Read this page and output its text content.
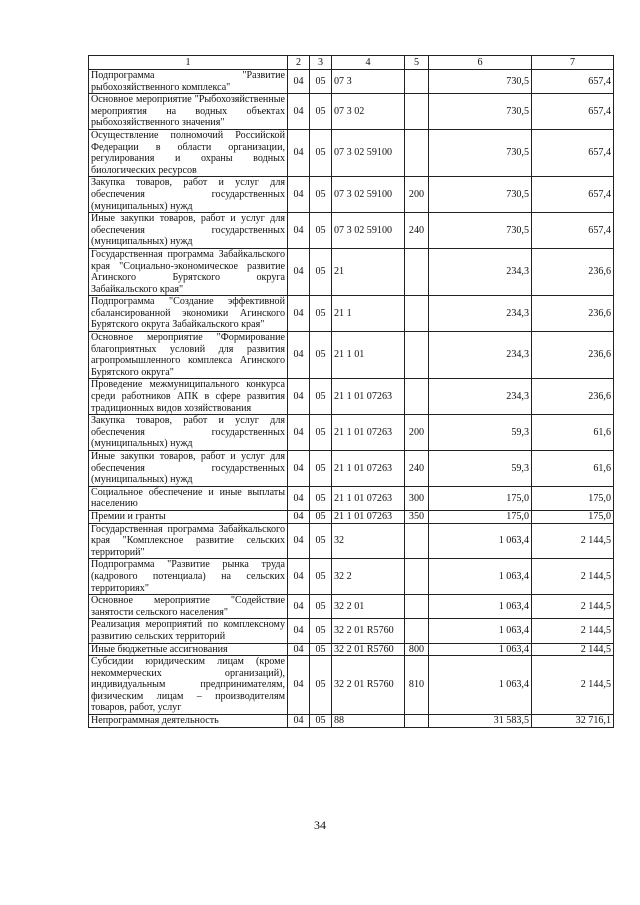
1	2	3	4	5	6	7
Подпрограмма "Развитие рыбохозяйственного комплекса"	04	05	07 3		730,5	657,4
Основное мероприятие "Рыбохозяйственные мероприятия на водных объектах рыбохозяйственного значения"	04	05	07 3 02		730,5	657,4
Осуществление полномочий Российской Федерации в области организации, регулирования и охраны водных биологических ресурсов	04	05	07 3 02 59100		730,5	657,4
Закупка товаров, работ и услуг для обеспечения государственных (муниципальных) нужд	04	05	07 3 02 59100	200	730,5	657,4
Иные закупки товаров, работ и услуг для обеспечения государственных (муниципальных) нужд	04	05	07 3 02 59100	240	730,5	657,4
Государственная программа Забайкальского края "Социально-экономическое развитие Агинского Бурятского округа Забайкальского края"	04	05	21		234,3	236,6
Подпрограмма "Создание эффективной сбалансированной экономики Агинского Бурятского округа Забайкальского края"	04	05	21 1		234,3	236,6
Основное мероприятие "Формирование благоприятных условий для развития агропромышленного комплекса Агинского Бурятского округа"	04	05	21 1 01		234,3	236,6
Проведение межмуниципального конкурса среди работников АПК в сфере развития традиционных видов хозяйствования	04	05	21 1 01 07263		234,3	236,6
Закупка товаров, работ и услуг для обеспечения государственных (муниципальных) нужд	04	05	21 1 01 07263	200	59,3	61,6
Иные закупки товаров, работ и услуг для обеспечения государственных (муниципальных) нужд	04	05	21 1 01 07263	240	59,3	61,6
Социальное обеспечение и иные выплаты населению	04	05	21 1 01 07263	300	175,0	175,0
Премии и гранты	04	05	21 1 01 07263	350	175,0	175,0
Государственная программа Забайкальского края "Комплексное развитие сельских территорий"	04	05	32		1 063,4	2 144,5
Подпрограмма "Развитие рынка труда (кадрового потенциала) на сельских территориях"	04	05	32 2		1 063,4	2 144,5
Основное мероприятие "Содействие занятости сельского населения"	04	05	32 2 01		1 063,4	2 144,5
Реализация мероприятий по комплексному развитию сельских территорий	04	05	32 2 01 R5760		1 063,4	2 144,5
Иные бюджетные ассигнования	04	05	32 2 01 R5760	800	1 063,4	2 144,5
Субсидии юридическим лицам (кроме некоммерческих организаций), индивидуальным предпринимателям, физическим лицам – производителям товаров, работ, услуг	04	05	32 2 01 R5760	810	1 063,4	2 144,5
Непрограммная деятельность	04	05	88		31 583,5	32 716,1
34
